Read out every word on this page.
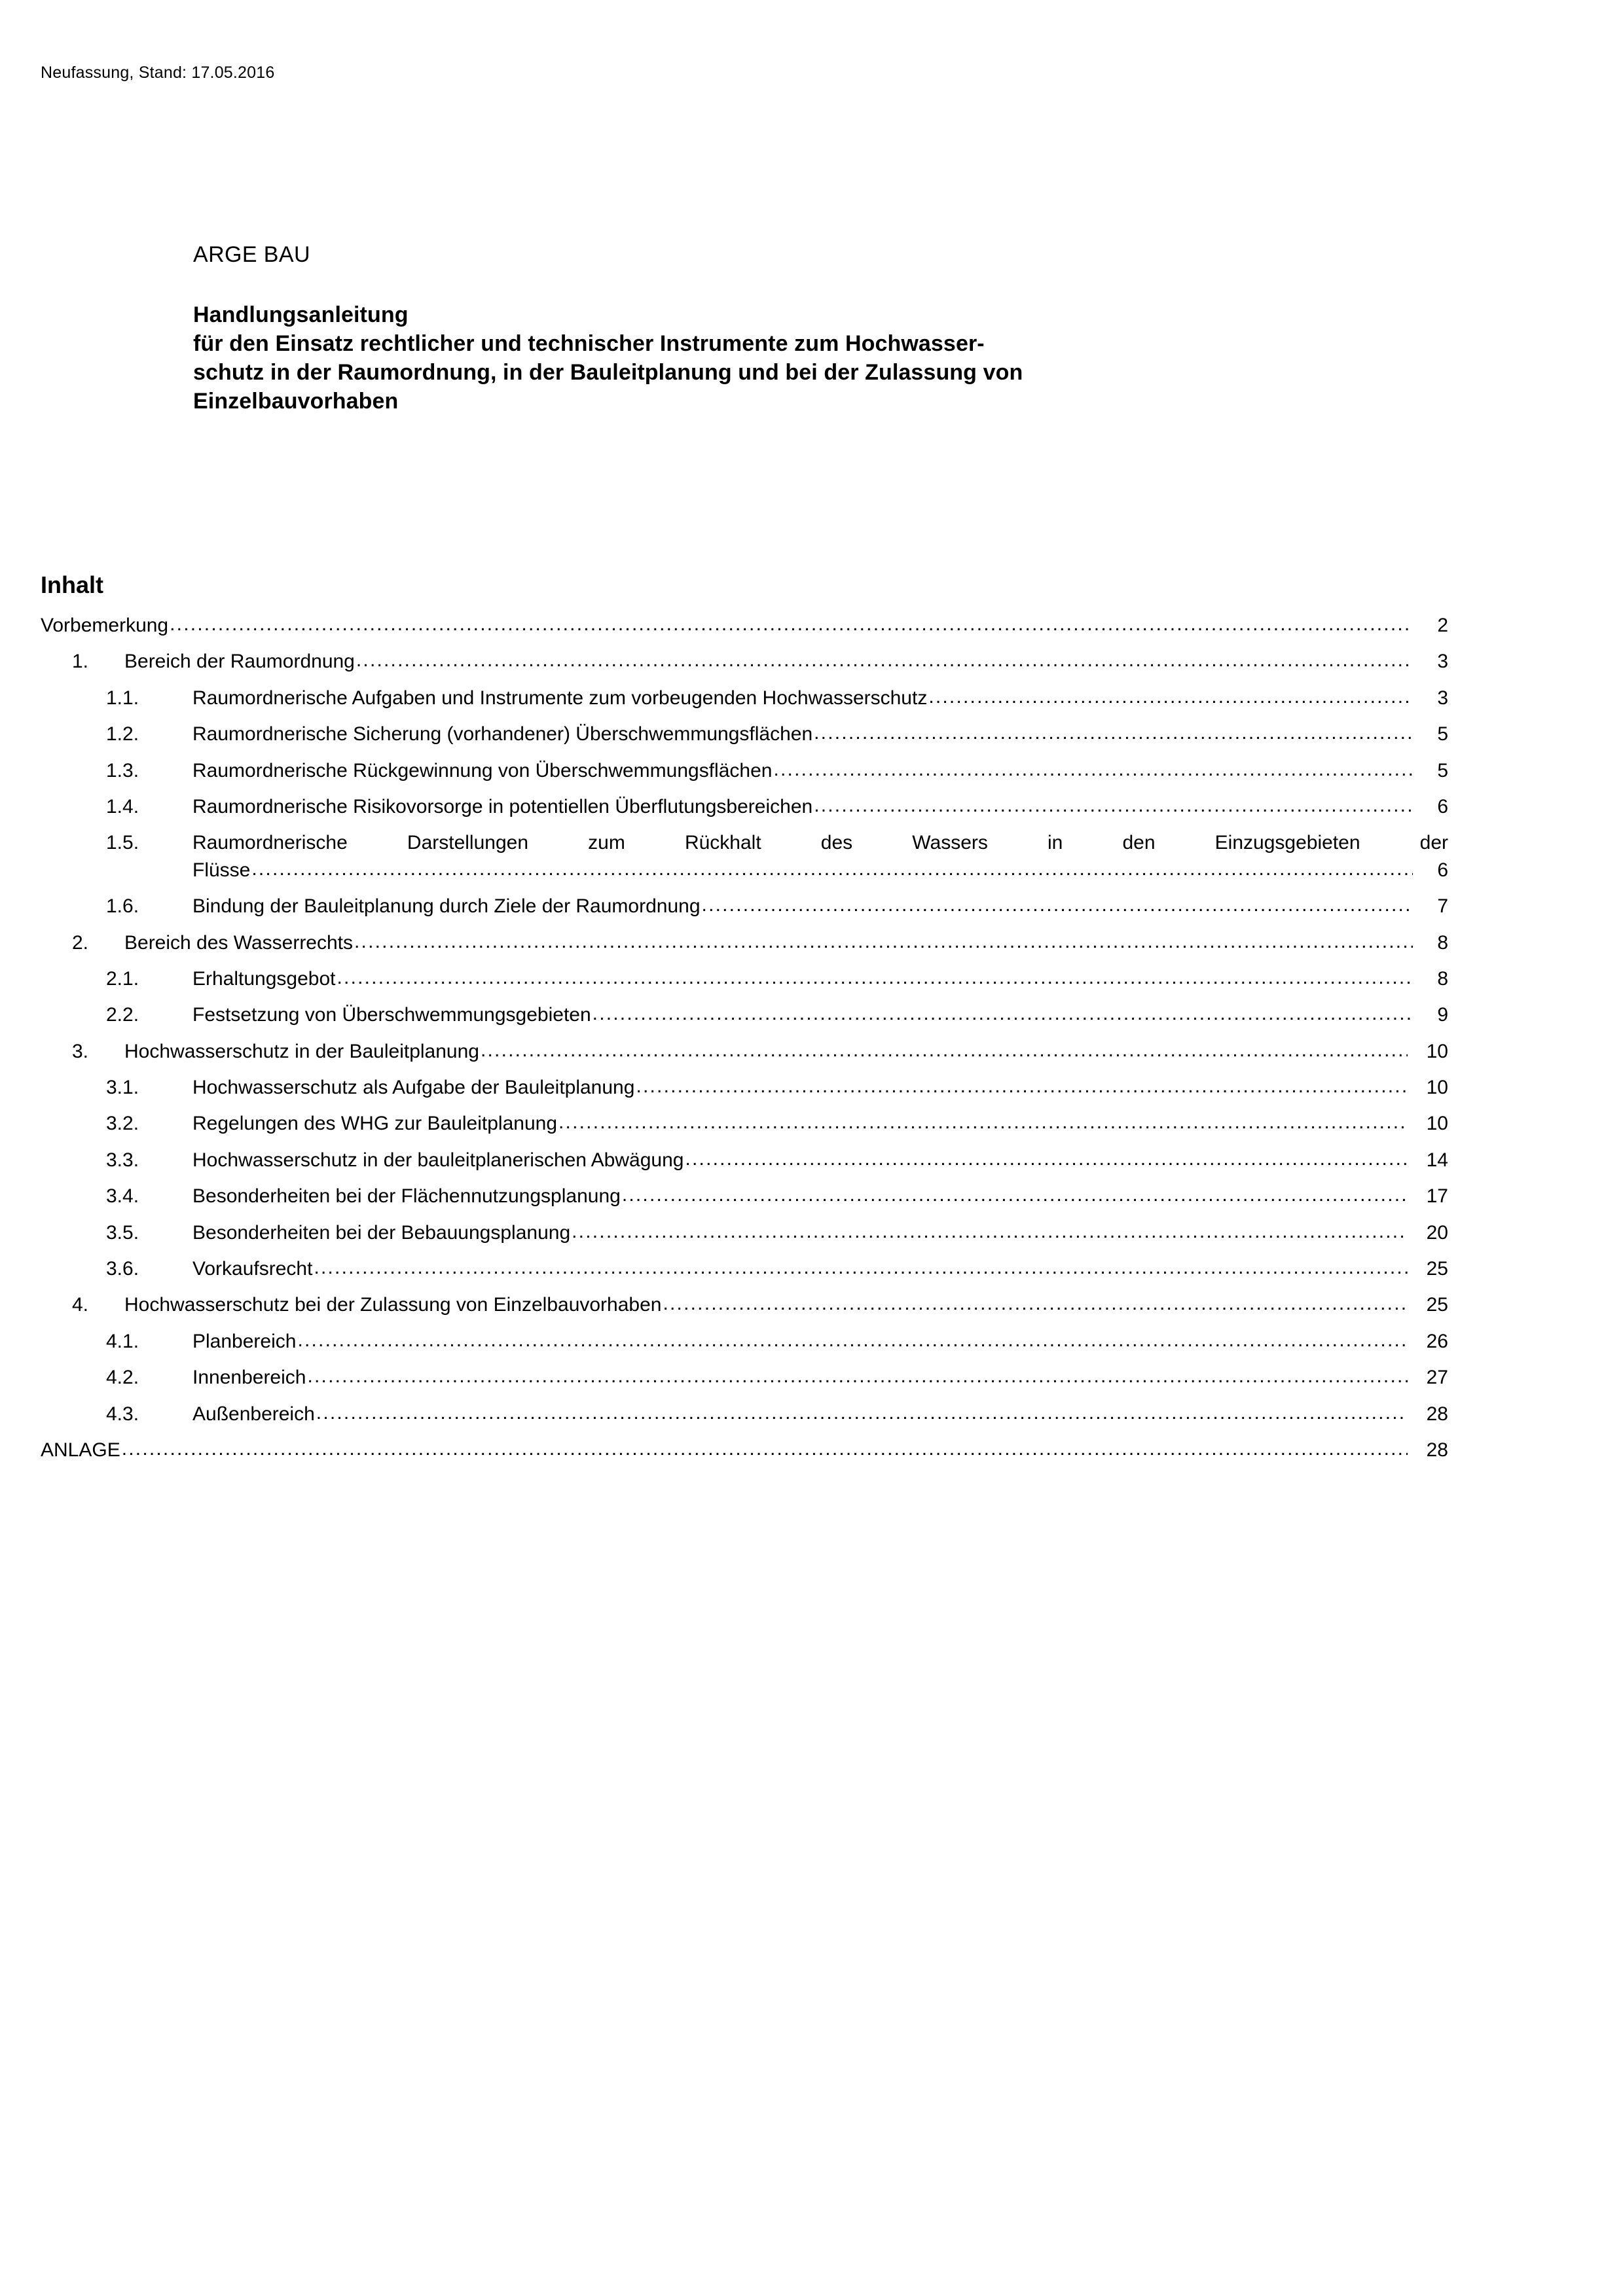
Neufassung, Stand: 17.05.2016
ARGE BAU
Handlungsanleitung
für den Einsatz rechtlicher und technischer Instrumente zum Hochwasser-
schutz in der Raumordnung, in der Bauleitplanung und bei der Zulassung von
Einzelbauvorhaben
Inhalt
Vorbemerkung .....	2
1.	Bereich der Raumordnung .....	3
1.1.	Raumordnerische Aufgaben und Instrumente zum vorbeugenden Hochwasserschutz .....	3
1.2.	Raumordnerische Sicherung (vorhandener) Überschwemmungsflächen .....	5
1.3.	Raumordnerische Rückgewinnung von Überschwemmungsflächen .....	5
1.4.	Raumordnerische Risikovorsorge in potentiellen Überflutungsbereichen .....	6
1.5.	Raumordnerische Darstellungen zum Rückhalt des Wassers in den Einzugsgebieten der
Flüsse .....	6
1.6.	Bindung der Bauleitplanung durch Ziele der Raumordnung .....	7
2.	Bereich des Wasserrechts .....	8
2.1.	Erhaltungsgebot .....	8
2.2.	Festsetzung von Überschwemmungsgebieten .....	9
3.	Hochwasserschutz in der Bauleitplanung .....	10
3.1.	Hochwasserschutz als Aufgabe der Bauleitplanung .....	10
3.2.	Regelungen des WHG zur Bauleitplanung .....	10
3.3.	Hochwasserschutz in der bauleitplanerischen Abwägung .....	14
3.4.	Besonderheiten bei der Flächennutzungsplanung .....	17
3.5.	Besonderheiten bei der Bebauungsplanung .....	20
3.6.	Vorkaufsrecht .....	25
4.	Hochwasserschutz bei der Zulassung von Einzelbauvorhaben .....	25
4.1.	Planbereich .....	26
4.2.	Innenbereich .....	27
4.3.	Außenbereich .....	28
ANLAGE .....	28
